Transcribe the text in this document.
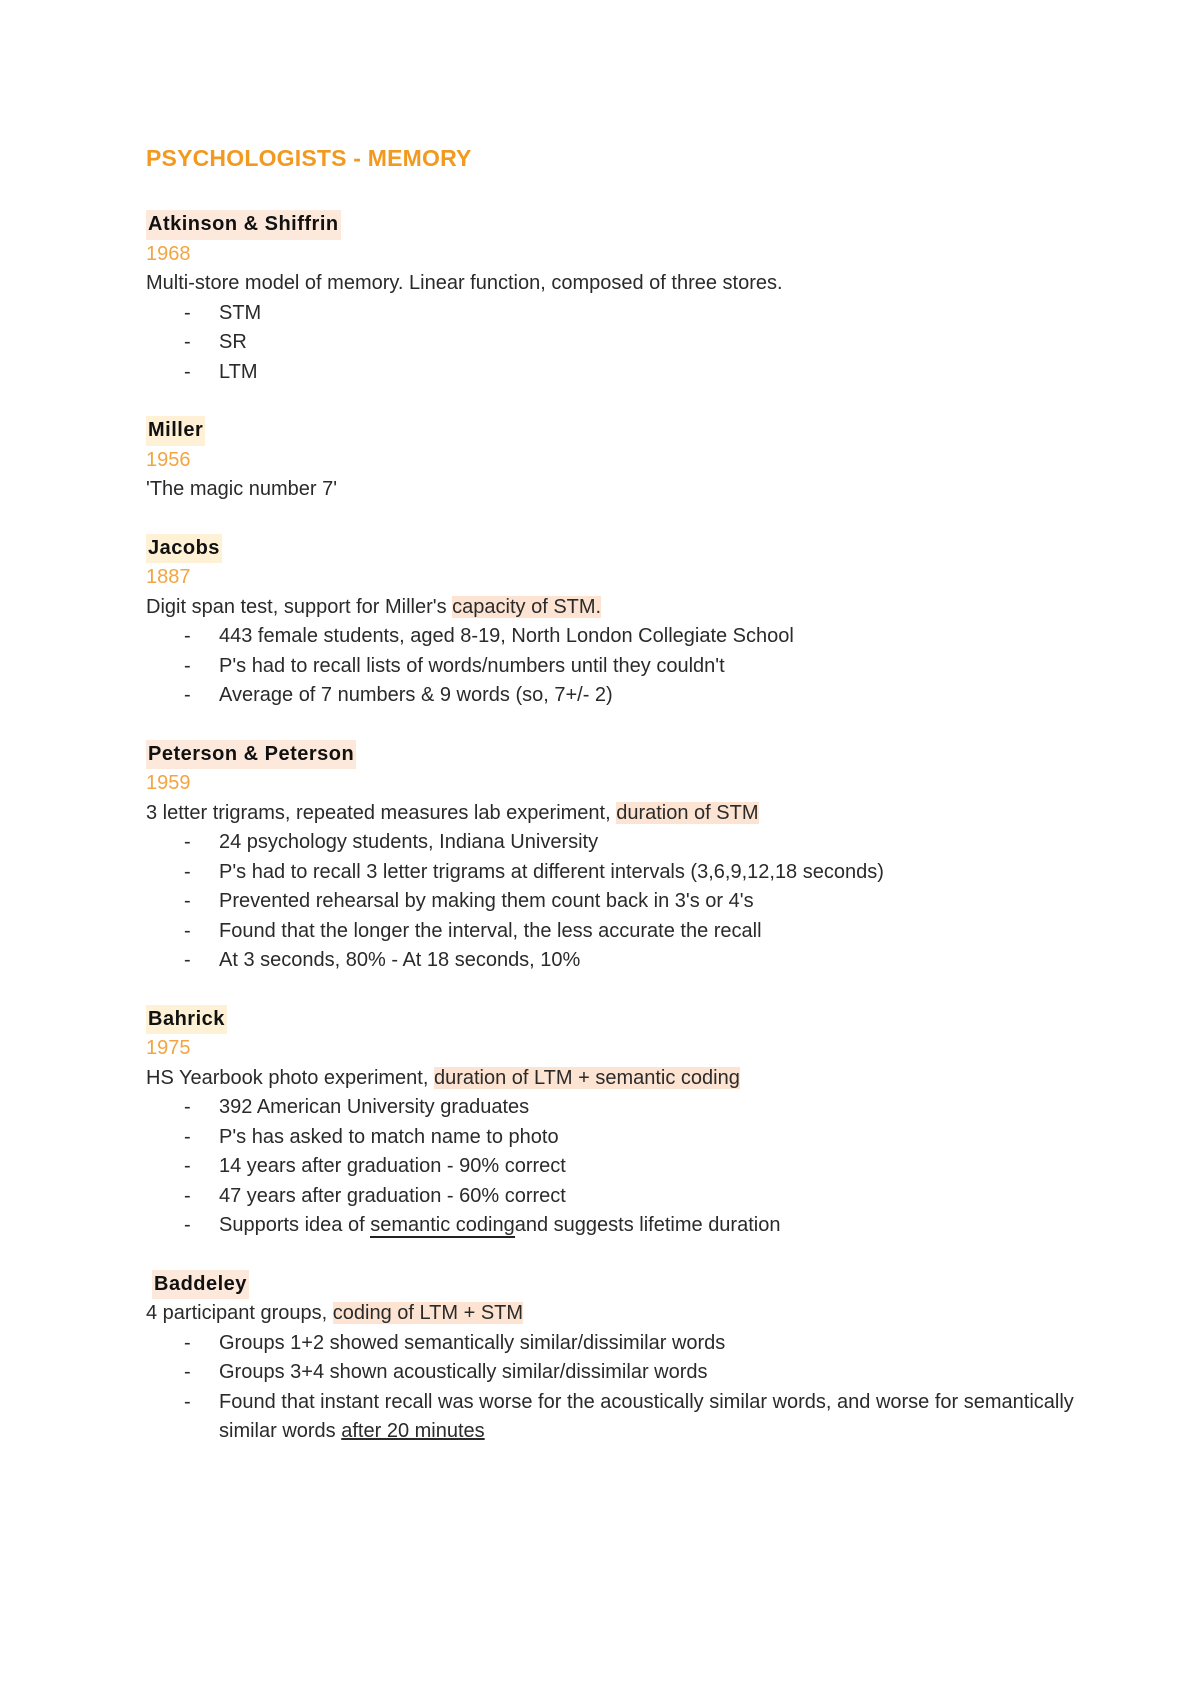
PSYCHOLOGISTS - MEMORY
Atkinson & Shiffrin
1968
Multi-store model of memory. Linear function, composed of three stores.
- STM
- SR
- LTM
Miller
1956
'The magic number 7'
Jacobs
1887
Digit span test, support for Miller's capacity of STM.
- 443 female students, aged 8-19, North London Collegiate School
- P's had to recall lists of words/numbers until they couldn't
- Average of 7 numbers & 9 words (so, 7+/- 2)
Peterson & Peterson
1959
3 letter trigrams, repeated measures lab experiment, duration of STM
- 24 psychology students, Indiana University
- P's had to recall 3 letter trigrams at different intervals (3,6,9,12,18 seconds)
- Prevented rehearsal by making them count back in 3's or 4's
- Found that the longer the interval, the less accurate the recall
- At 3 seconds, 80% - At 18 seconds, 10%
Bahrick
1975
HS Yearbook photo experiment, duration of LTM + semantic coding
- 392 American University graduates
- P's has asked to match name to photo
- 14 years after graduation - 90% correct
- 47 years after graduation - 60% correct
- Supports idea of semantic codingand suggests lifetime duration
Baddeley
4 participant groups, coding of LTM + STM
- Groups 1+2 showed semantically similar/dissimilar words
- Groups 3+4 shown acoustically similar/dissimilar words
- Found that instant recall was worse for the acoustically similar words, and worse for semantically similar words after 20 minutes
